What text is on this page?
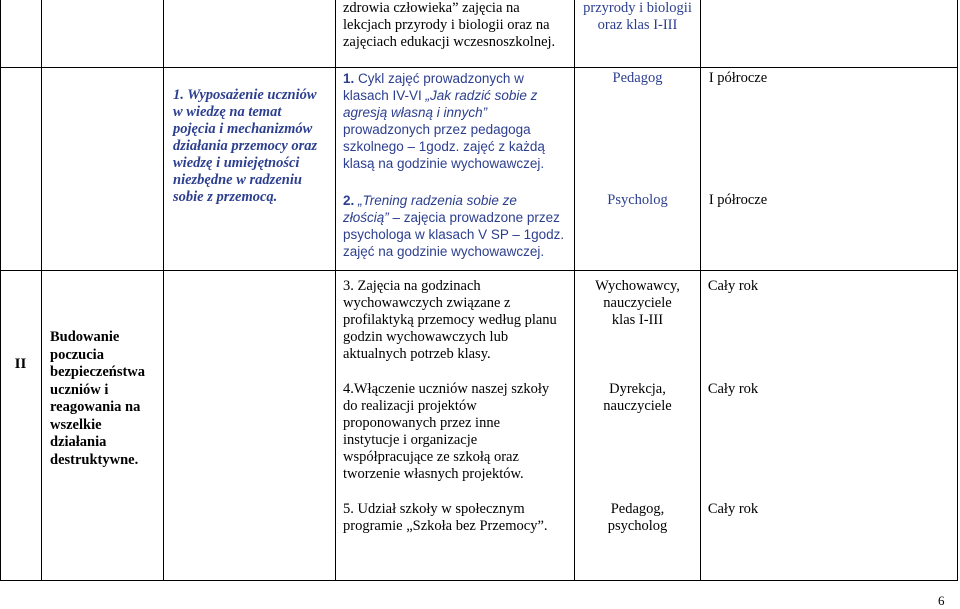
zdrowia człowieka” zajęcia na

lekcjach przyrody i biologii oraz na

zajęciach edukacji wczesnoszkolnej.

przyrody i biologii

oraz klas I-III

1. Wyposażenie uczniów

w wiedzę na temat

pojęcia i mechanizmów

działania przemocy oraz

wiedzę i umiejętności

niezbędne w radzeniu

sobie z przemocą.

1. Cykl zajęć prowadzonych w

klasach IV-VI „Jak radzić sobie z

agresją własną i innych”

prowadzonych przez pedagoga

szkolnego – 1godz. zajęć z każdą

klasą na godzinie wychowawczej.

2. „Trening radzenia sobie ze

złością” – zajęcia prowadzone przez

psychologa w klasach V SP – 1godz.

zajęć na godzinie wychowawczej.

Pedagog
Psycholog
I półrocze
I półrocze
II

Budowanie

poczucia

bezpieczeństwa

uczniów i

reagowania na

wszelkie

działania

destruktywne.

3. Zajęcia na godzinach

wychowawczych związane z

profilaktyką przemocy według planu

godzin wychowawczych lub

aktualnych potrzeb klasy.

4.Włączenie uczniów naszej szkoły

do realizacji projektów

proponowanych przez inne

instytucje i organizacje

współpracujące ze szkołą oraz

tworzenie własnych projektów.

5. Udział szkoły w społecznym

programie „Szkoła bez Przemocy”.

Wychowawcy,

nauczyciele

klas I-III

Dyrekcja,

nauczyciele

Pedagog,

psycholog

Cały rok
Cały rok
Cały rok
6
